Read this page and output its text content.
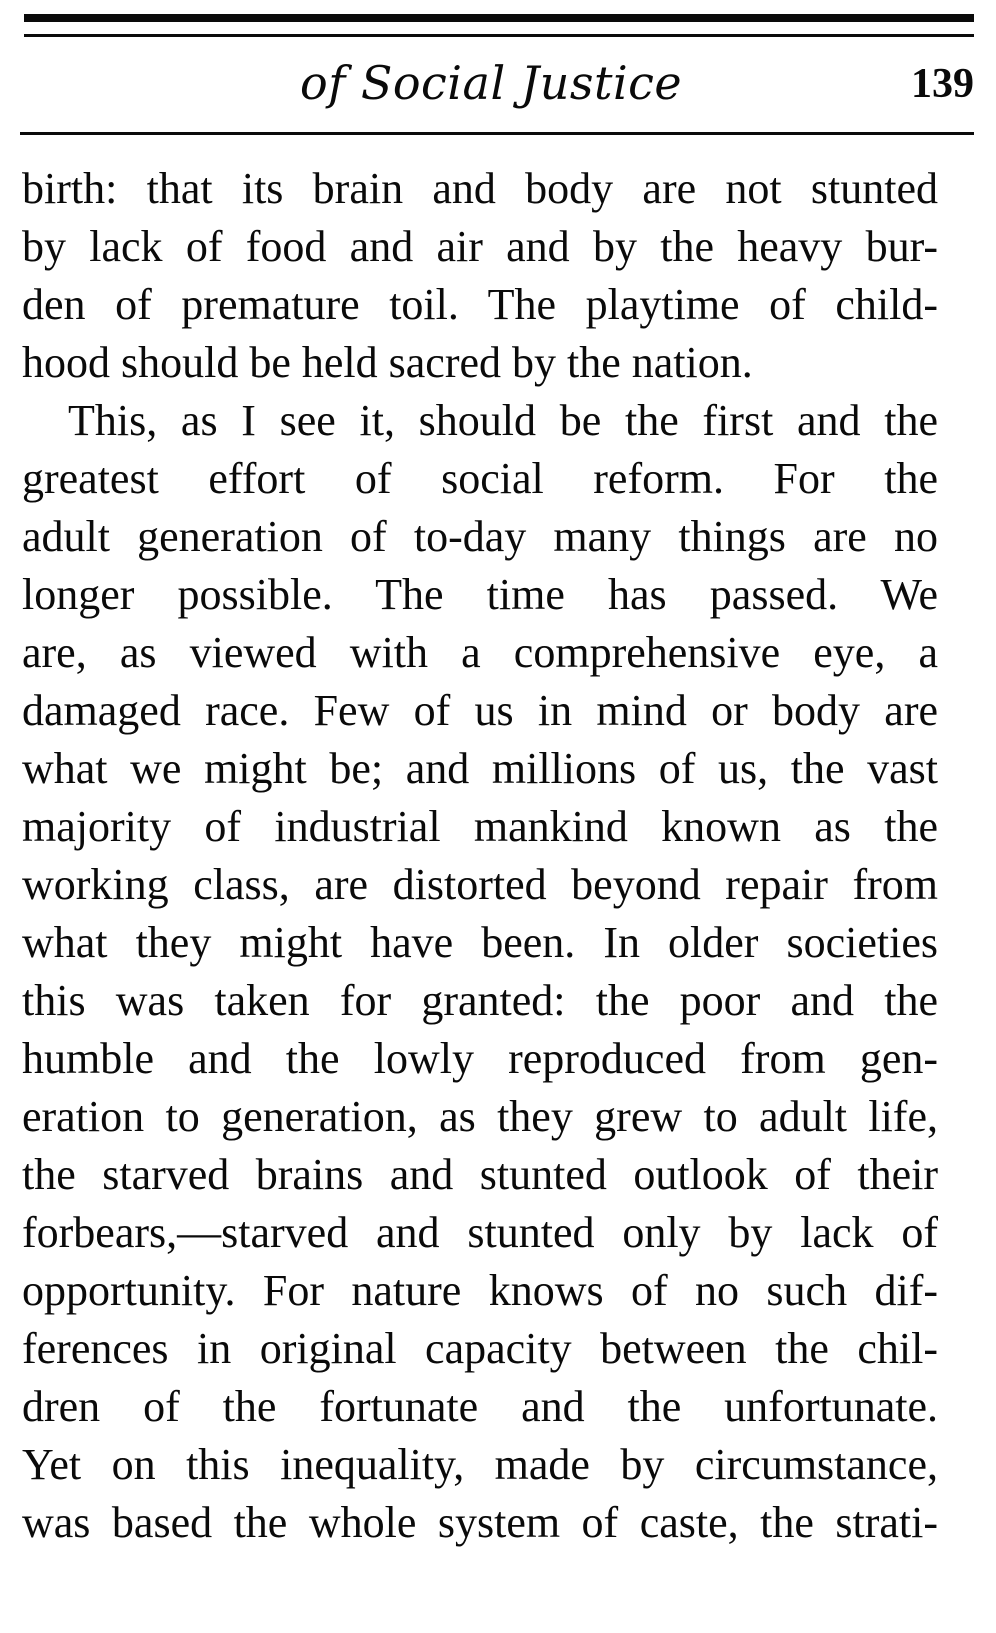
of Social Justice	139
birth: that its brain and body are not stunted
by lack of food and air and by the heavy bur-
den of premature toil. The playtime of child-
hood should be held sacred by the nation.
This, as I see it, should be the first and the
greatest effort of social reform. For the
adult generation of to-day many things are no
longer possible. The time has passed. We
are, as viewed with a comprehensive eye, a
damaged race. Few of us in mind or body are
what we might be; and millions of us, the vast
majority of industrial mankind known as the
working class, are distorted beyond repair from
what they might have been. In older societies
this was taken for granted: the poor and the
humble and the lowly reproduced from gen-
eration to generation, as they grew to adult life,
the starved brains and stunted outlook of their
forbears,—starved and stunted only by lack of
opportunity. For nature knows of no such dif-
ferences in original capacity between the chil-
dren of the fortunate and the unfortunate.
Yet on this inequality, made by circumstance,
was based the whole system of caste, the strati-
